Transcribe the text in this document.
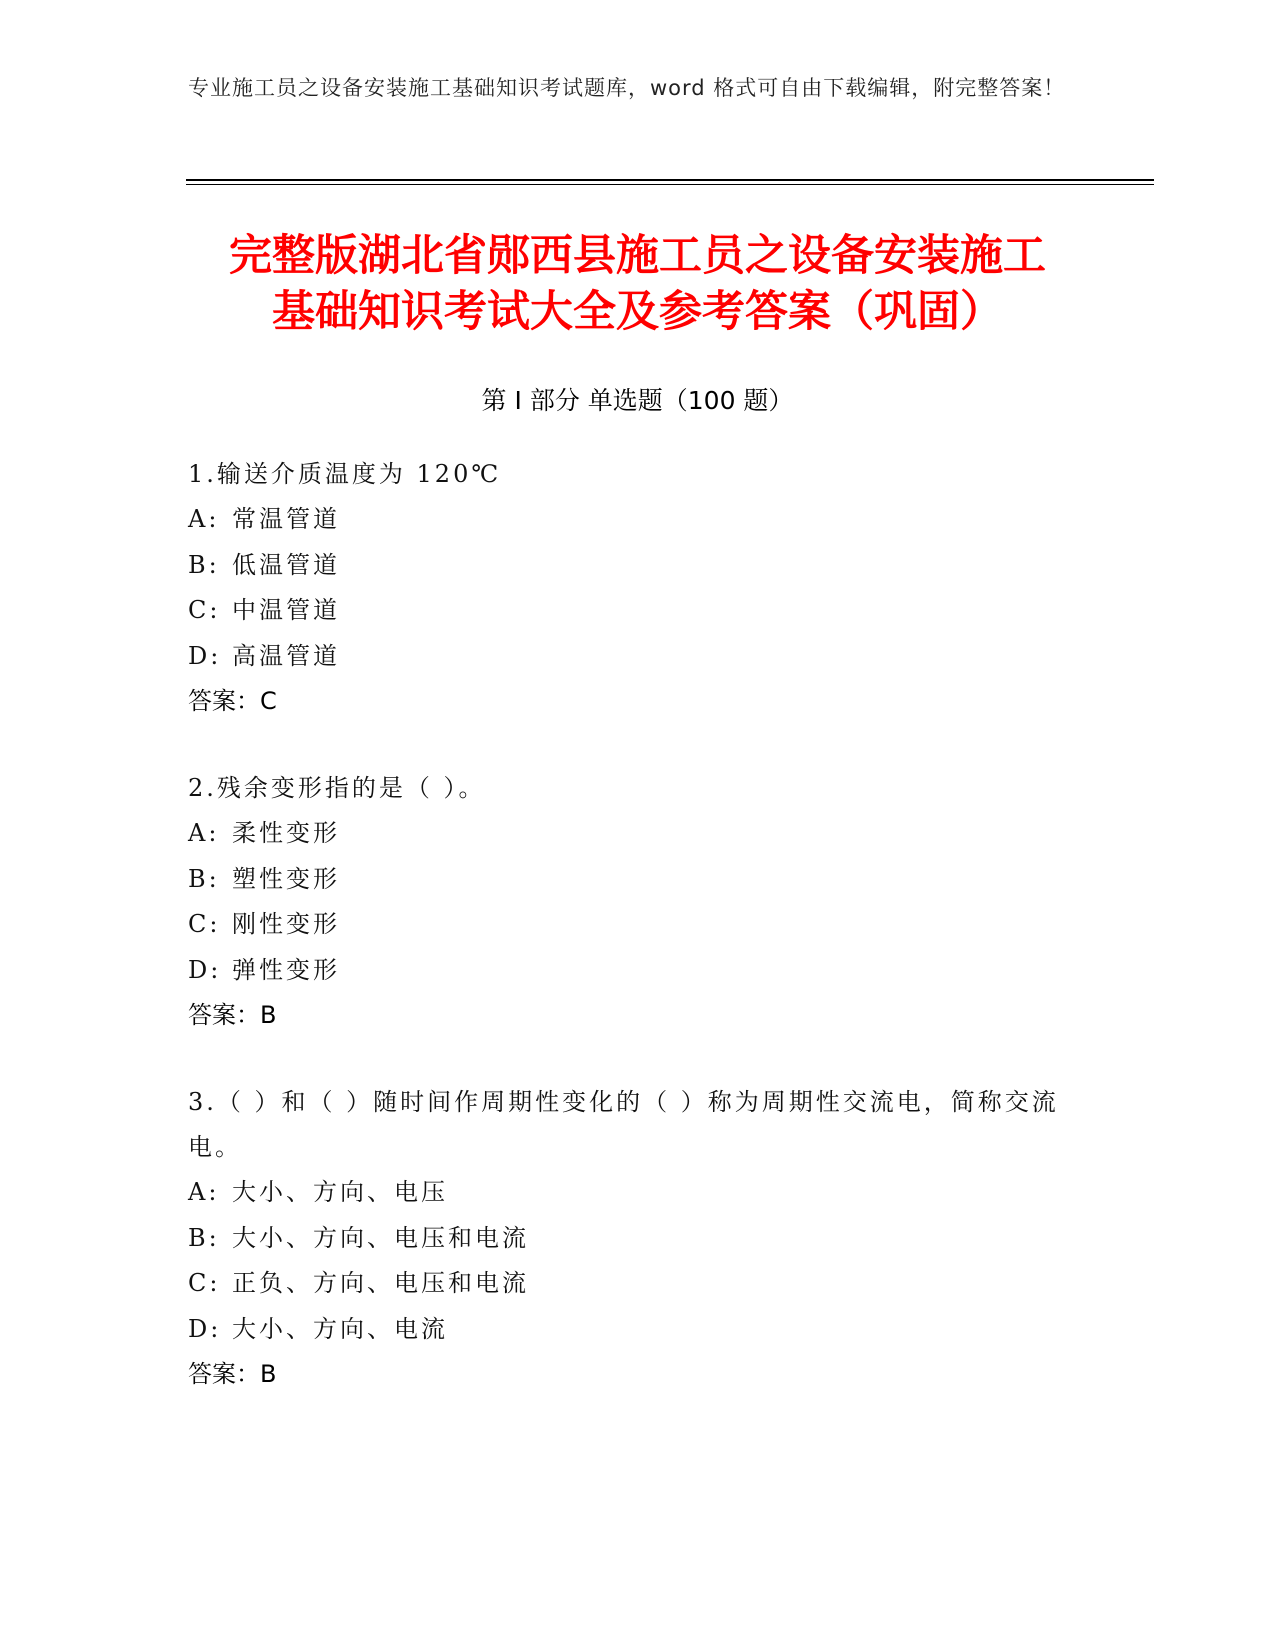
专业施工员之设备安装施工基础知识考试题库，word 格式可自由下载编辑，附完整答案！
完整版湖北省郧西县施工员之设备安装施工
基础知识考试大全及参考答案（巩固）
第 I 部分 单选题（100 题）
1.输送介质温度为 120℃
A: 常温管道
B: 低温管道
C: 中温管道
D: 高温管道
答案：C
2.残余变形指的是（ ）。
A: 柔性变形
B: 塑性变形
C: 刚性变形
D: 弹性变形
答案：B
3.（ ）和（ ）随时间作周期性变化的（ ）称为周期性交流电，简称交流电。
A: 大小、方向、电压
B: 大小、方向、电压和电流
C: 正负、方向、电压和电流
D: 大小、方向、电流
答案：B
